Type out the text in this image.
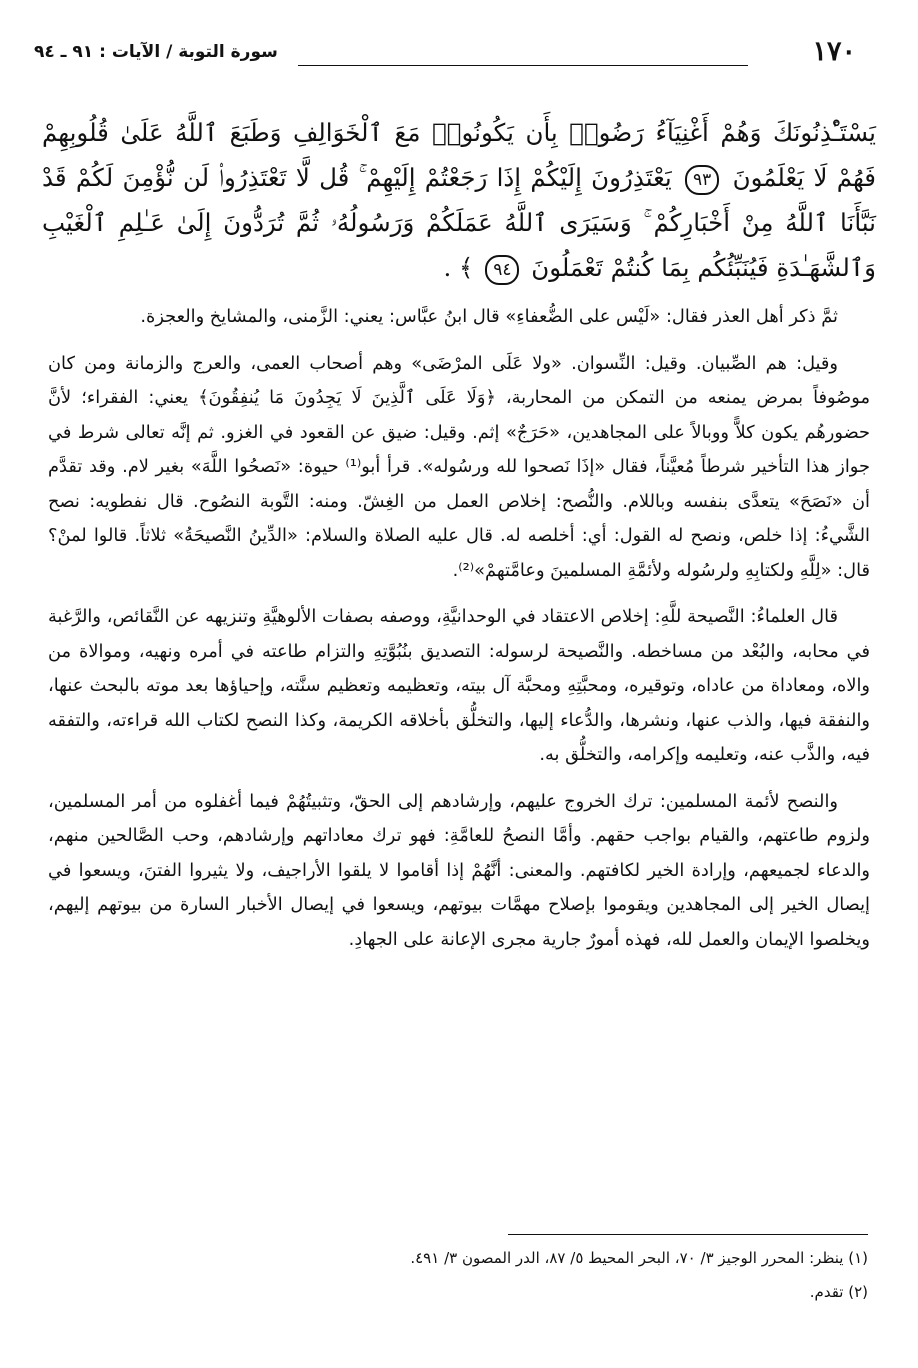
١٧٠
سورة التوبة / الآيات : ٩١ ـ ٩٤
يَسْتَـْٔذِنُونَكَ وَهُمْ أَغْنِيَآءُ رَضُوا۟ بِأَن يَكُونُوا۟ مَعَ ٱلْخَوَالِفِ وَطَبَعَ ٱللَّهُ عَلَىٰ قُلُوبِهِمْ فَهُمْ لَا يَعْلَمُونَ ٩٣ يَعْتَذِرُونَ إِلَيْكُمْ إِذَا رَجَعْتُمْ إِلَيْهِمْ ۚ قُل لَّا تَعْتَذِرُوا۟ لَن نُّؤْمِنَ لَكُمْ قَدْ نَبَّأَنَا ٱللَّهُ مِنْ أَخْبَارِكُمْ ۚ وَسَيَرَى ٱللَّهُ عَمَلَكُمْ وَرَسُولُهُۥ ثُمَّ تُرَدُّونَ إِلَىٰ عَـٰلِمِ ٱلْغَيْبِ وَٱلشَّهَـٰدَةِ فَيُنَبِّئُكُم بِمَا كُنتُمْ تَعْمَلُونَ ٩٤ ﴾ .

ثمَّ ذكر أهل العذر فقال: «لَيْس على الضُّعفاءِ» قال ابنُ عبَّاس: يعني: الزَّمنى، والمشايخ والعجزة.

وقيل: هم الصِّبيان. وقيل: النِّسوان. «ولا عَلَى المرْضَى» وهم أصحاب العمى، والعرج والزمانة ومن كان موصُوفاً بمرض يمنعه من التمكن من المحاربة، ﴿وَلَا عَلَى ٱلَّذِينَ لَا يَجِدُونَ مَا يُنفِقُونَ﴾ يعني: الفقراء؛ لأنَّ حضورهُم يكون كلاًّ ووبالاً على المجاهدين، «حَرَجٌ» إثم. وقيل: ضيق عن القعود في الغزو. ثم إنَّه تعالى شرط في جواز هذا التأخير شرطاً مُعيَّناً، فقال «إذَا نَصحوا لله ورسُوله». قرأ أبو⁽¹⁾ حيوة: «نَصحُوا اللَّهَ» بغير لام. وقد تقدَّم أن «نَصَحَ» يتعدَّى بنفسه وباللام. والنُّصح: إخلاص العمل من الغِشّ. ومنه: التَّوبة النصُوح. قال نفطويه: نصح الشَّيءُ: إذا خلص، ونصح له القول: أي: أخلصه له. قال عليه الصلاة والسلام: «الدِّينُ النَّصيحَةُ» ثلاثاً. قالوا لمنْ؟ قال: «لِلَّهِ ولكتابِهِ ولرسُوله ولأئمَّةِ المسلمينَ وعامَّتهمْ»⁽²⁾.

قال العلماءُ: النَّصيحة للَّهِ: إخلاص الاعتقاد في الوحدانيَّةِ، ووصفه بصفات الألوهيَّةِ وتنزيهه عن النَّقائص، والرَّغبة في محابه، والبُعْد من مساخطه. والنَّصيحة لرسوله: التصديق بنُبُوَّتِهِ والتزام طاعته في أمره ونهيه، وموالاة من والاه، ومعاداة من عاداه، وتوقيره، ومحبَّتِهِ ومحبَّة آل بيته، وتعظيمه وتعظيم سنَّته، وإحياؤها بعد موته بالبحث عنها، والنفقة فيها، والذب عنها، ونشرها، والدُّعاء إليها، والتخلُّق بأخلاقه الكريمة، وكذا النصح لكتاب الله قراءته، والتفقه فيه، والذَّب عنه، وتعليمه وإكرامه، والتخلُّق به.

والنصح لأئمة المسلمين: ترك الخروج عليهم، وإرشادهم إلى الحقّ، وتثبيتُهُمْ فيما أغفلوه من أمر المسلمين، ولزوم طاعتهم، والقيام بواجب حقهم. وأمَّا النصحُ للعامَّةِ: فهو ترك معاداتهم وإرشادهم، وحب الصَّالحين منهم، والدعاء لجميعهم، وإرادة الخير لكافتهم. والمعنى: أنَّهُمْ إذا أقاموا لا يلقوا الأراجيف، ولا يثيروا الفتنَ، ويسعوا في إيصال الخير إلى المجاهدين ويقوموا بإصلاح مهمَّات بيوتهم، ويسعوا في إيصال الأخبار السارة من بيوتهم إليهم، ويخلصوا الإيمان والعمل لله، فهذه أمورٌ جارية مجرى الإعانة على الجهادِ.

(١) ينظر: المحرر الوجيز ٣/ ٧٠، البحر المحيط ٥/ ٨٧، الدر المصون ٣/ ٤٩١.
(٢) تقدم.
